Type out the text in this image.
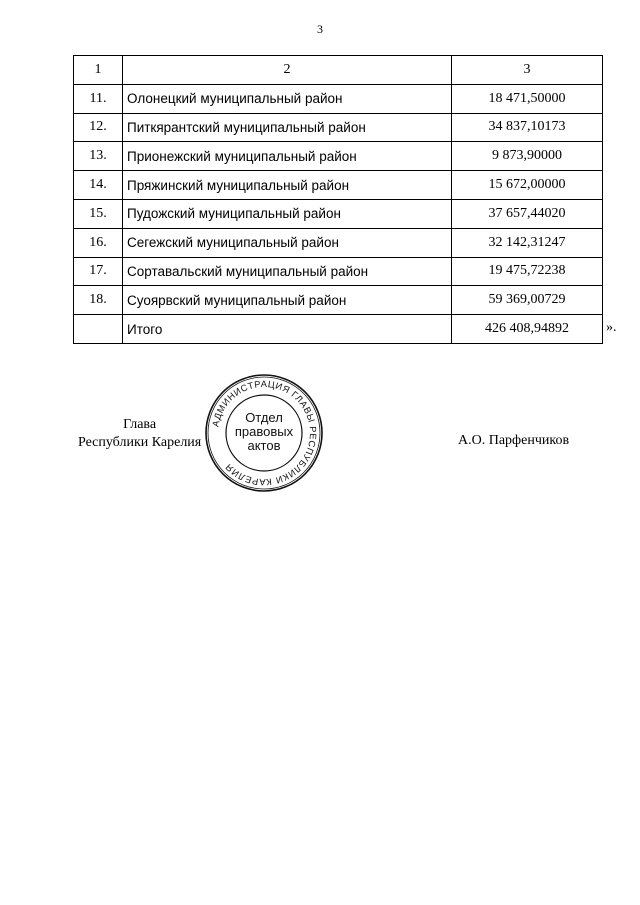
3
1	2	3
11.	Олонецкий муниципальный район	18 471,50000
12.	Питкярантский муниципальный район	34 837,10173
13.	Прионежский муниципальный район	9 873,90000
14.	Пряжинский муниципальный район	15 672,00000
15.	Пудожский муниципальный район	37 657,44020
16.	Сегежский муниципальный район	32 142,31247
17.	Сортавальский муниципальный район	19 475,72238
18.	Суоярвский муниципальный район	59 369,00729
	Итого	426 408,94892	».
Глава
Республики Карелия	А.О. Парфенчиков
АДМИНИСТРАЦИЯ ГЛАВЫ РЕСПУБЛИКИ КАРЕЛИЯ
Отдел
правовых
актов
